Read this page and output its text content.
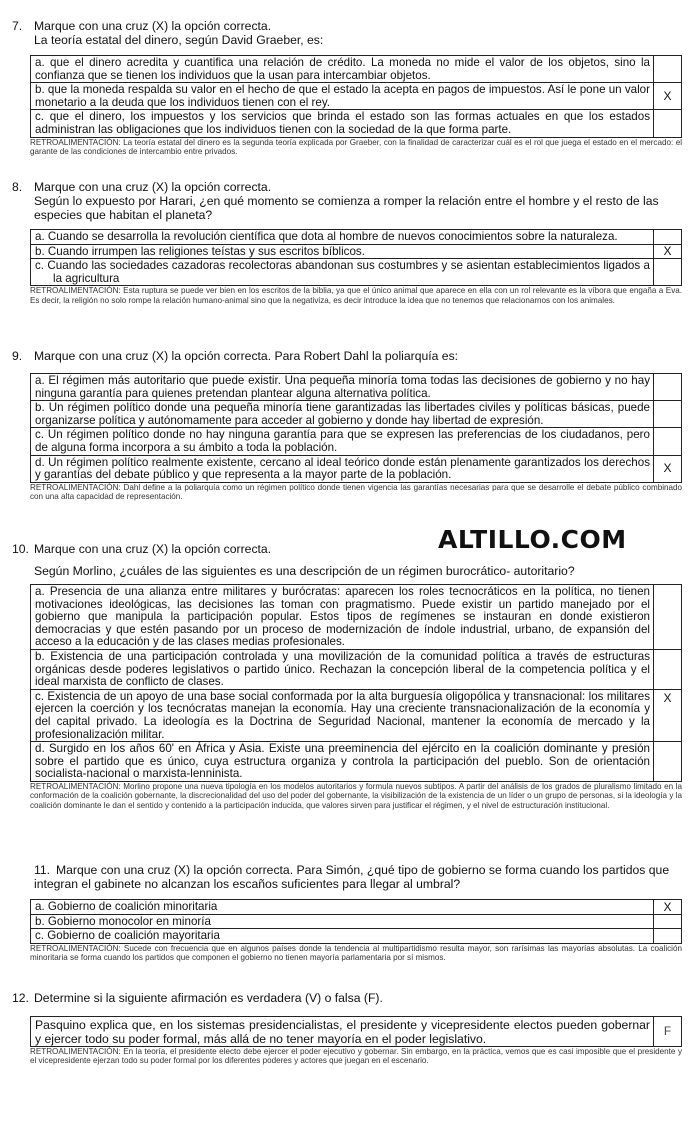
7. Marque con una cruz (X) la opción correcta.
La teoría estatal del dinero, según David Graeber, es:
a. que el dinero acredita y cuantifica una relación de crédito. La moneda no mide el valor de los objetos, sino la confianza que se tienen los individuos que la usan para intercambiar objetos.	
b. que la moneda respalda su valor en el hecho de que el estado la acepta en pagos de impuestos. Así le pone un valor monetario a la deuda que los individuos tienen con el rey.	X
c. que el dinero, los impuestos y los servicios que brinda el estado son las formas actuales en que los estados administran las obligaciones que los individuos tienen con la sociedad de la que forma parte.	
RETROALIMENTACIÓN: La teoría estatal del dinero es la segunda teoría explicada por Graeber, con la finalidad de caracterizar cuál es el rol que juega el estado en el mercado: el garante de las condiciones de intercambio entre privados.
8. Marque con una cruz (X) la opción correcta.
Según lo expuesto por Harari, ¿en qué momento se comienza a romper la relación entre el hombre y el resto de las especies que habitan el planeta?
a. Cuando se desarrolla la revolución científica que dota al hombre de nuevos conocimientos sobre la naturaleza.	
b. Cuando irrumpen las religiones teístas y sus escritos bíblicos.	X
c. Cuando las sociedades cazadoras recolectoras abandonan sus costumbres y se asientan establecimientos ligados a la agricultura	
RETROALIMENTACIÓN: Esta ruptura se puede ver bien en los escritos de la biblia, ya que el único animal que aparece en ella con un rol relevante es la víbora que engaña a Eva. Es decir, la religión no solo rompe la relación humano-animal sino que la negativiza, es decir introduce la idea que no tenemos que relacionarnos con los animales.
9. Marque con una cruz (X) la opción correcta. Para Robert Dahl la poliarquía es:
a. El régimen más autoritario que puede existir. Una pequeña minoría toma todas las decisiones de gobierno y no hay ninguna garantía para quienes pretendan plantear alguna alternativa política.	
b. Un régimen político donde una pequeña minoría tiene garantizadas las libertades civiles y políticas básicas, puede organizarse política y autónomamente para acceder al gobierno y donde hay libertad de expresión.	
c. Un régimen político donde no hay ninguna garantía para que se expresen las preferencias de los ciudadanos, pero de alguna forma incorpora a su ámbito a toda la población.	
d. Un régimen político realmente existente, cercano al ideal teórico donde están plenamente garantizados los derechos y garantías del debate público y que representa a la mayor parte de la población.	X
RETROALIMENTACIÓN: Dahl define a la poliarquía como un régimen político donde tienen vigencia las garantías necesarias para que se desarrolle el debate público combinado con una alta capacidad de representación.
ALTILLO.COM
10. Marque con una cruz (X) la opción correcta.
Según Morlino, ¿cuáles de las siguientes es una descripción de un régimen burocrático- autoritario?
a. Presencia de una alianza entre militares y burócratas: aparecen los roles tecnocráticos en la política, no tienen motivaciones ideológicas, las decisiones las toman con pragmatismo. Puede existir un partido manejado por el gobierno que manipula la participación popular. Estos tipos de regímenes se instauran en donde existieron democracias y que estén pasando por un proceso de modernización de índole industrial, urbano, de expansión del acceso a la educación y de las clases medias profesionales.	
b. Existencia de una participación controlada y una movilización de la comunidad política a través de estructuras orgánicas desde poderes legislativos o partido único. Rechazan la concepción liberal de la competencia política y el ideal marxista de conflicto de clases.	
c. Existencia de un apoyo de una base social conformada por la alta burguesía oligopólica y transnacional: los militares ejercen la coerción y los tecnócratas manejan la economía. Hay una creciente transnacionalización de la economía y del capital privado. La ideología es la Doctrina de Seguridad Nacional, mantener la economía de mercado y la profesionalización militar.	X
d. Surgido en los años 60' en África y Asia. Existe una preeminencia del ejército en la coalición dominante y presión sobre el partido que es único, cuya estructura organiza y controla la participación del pueblo. Son de orientación socialista-nacional o marxista-lenninista.	
RETROALIMENTACIÓN: Morlino propone una nueva tipología en los modelos autoritarios y formula nuevos subtipos. A partir del análisis de los grados de pluralismo limitado en la conformación de la coalición gobernante, la discrecionalidad del uso del poder del gobernante, la visibilización de la existencia de un líder o un grupo de personas, si la ideología y la coalición dominante le dan el sentido y contenido a la participación inducida, que valores sirven para justificar el régimen, y el nivel de estructuración institucional.
11. Marque con una cruz (X) la opción correcta. Para Simón, ¿qué tipo de gobierno se forma cuando los partidos que integran el gabinete no alcanzan los escaños suficientes para llegar al umbral?
a. Gobierno de coalición minoritaria	X
b. Gobierno monocolor en minoría	
c. Gobierno de coalición mayoritaria	
RETROALIMENTACIÓN: Sucede con frecuencia que en algunos países donde la tendencia al multipartidismo resulta mayor, son rarísimas las mayorías absolutas. La coalición minoritaria se forma cuando los partidos que componen el gobierno no tienen mayoría parlamentaria por sí mismos.
12. Determine si la siguiente afirmación es verdadera (V) o falsa (F).
Pasquino explica que, en los sistemas presidencialistas, el presidente y vicepresidente electos pueden gobernar y ejercer todo su poder formal, más allá de no tener mayoría en el poder legislativo.	F
RETROALIMENTACIÓN: En la teoría, el presidente electo debe ejercer el poder ejecutivo y gobernar. Sin embargo, en la práctica, vemos que es casi imposible que el presidente y el vicepresidente ejerzan todo su poder formal por los diferentes poderes y actores que juegan en el escenario.
